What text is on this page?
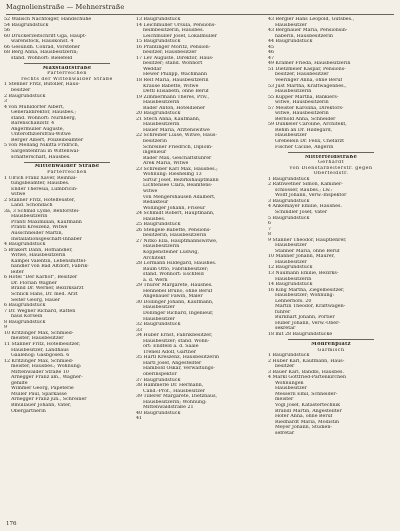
Magnolienstraße — Mehnerstraße
52 Walisch Nachfolger, Handschuhe
54 Baugrundstück
56
60 Druckerzeitschrift Gga, Haupt-
warenstock, Hauskonst. 4
66 Gesundh. Conrad, Vorsteher
68 Berg Anna, Hausbesitzerin;
ständ. Wohnort: Bielefeld
Maxstadtstraße
Parterreichen
rechts der Wittenwalder Straße
1 Stenner Fritz, Butoller, Haus-
besitzer
2 Baugrundstück
3
4 von Mühldorfer Albert,
Generaldirektor, Hausbes.;
ständ. Wohnort: Nürnberg,
Bärenschanzstr. 4
Angermüller Auguste,
Unteroffiziersfrau-Witwe
Berger Albert, Polizeibeamter
5 von Mellang Nikitta Fridrich,
Sargentenfrau in Wittenwal-
schafterschaft, Hausbes.
Mittenwalder Straße
Parterreichen
1 Ulrich Franz Xaver, Reinhal-
tungsbeamter, Hausbes.
Ender Theresia, Lumbricin-
witwe
2 Stanner Fritz, Hotelfeuster,
Land. Schöndach
3a, 3 Schmid Lydie, Benforstei-
Hausbesitzerin
Prantl Maximilian, Kaufmann
Prantl Kreszenz, Witwe
Ausschneider Martin,
Installationsgeschäft-Inhaber
4 Baugrundstück
5 Bräkert Dann, Hofhändler,
Witwe, Hausbesitzerin
Kampel Valentin, Lebensmittel-
händler von Bad Altdorf, Fabrik-
leiter
6 Hotel "Der Karhof", Besitzer
Dr. Florian Wagner
Brand Dr. Werner, Bezirksarzt
Schlick Hans, Dr. med. Arzt
Seiter Georg, Hauer
6 Baugrundstück
7 Dr. Wegner Richard, Ratten
haus Korsein
8 Baugrundstück
9
10 Kritzinger Max, Schmied-
meister, Hausbesitzer
11 Stanner Fritz, Hotelbesitzer,
Hausbesitzer, Landhaus
Gaalenog: Gasbgosen. 6
12 Kritzinger Max, Schmied-
meister, Hausbes.; Wohnung:
Mittenwalder Straße 10
Arnegger Franz am., Wagner-
gehilfe
Wimmer Georg, Papeterie
Müller Paul, Sparkasse
Arnegger Franz jun., Schreiner
Bmüllauer Johann, Vater,
Obergärtnerin
13 Baugrundstück
14 Leichmüller Ursula, Pensions-
heimbesitzerin, Hausbes.
Leichmüller Josef, Lokalmüller
15 Baugrundstück
16 Prantinger Moritz, Pension-
besitzer, Hausbesitzer
17 Lev Auguste, Direktor, Haus-
besitzer; ständ. Wohnort
Weddar
Hewer Philipp, Wachmann
18 Reit Maria, Hausbesitzerin
Krause Babette, Witwe
Dettl Elisabeth, ohne Beruf
19 Zimmermann Theres, Priv.,
Hausbesitzerin
Bader Anton, Hoteldiener
20 Baugrundstück
21 Stech Anna, Kaufmann,
Hausbesitzerin
Hauer Maria, Arztenswitwe
22 Schreiner Luise, Witwe, Haus-
besitzerin
Schreiner Friedrich, Diplom-
ingenieur
Bader Max, Geschäftsführer
Arek Maria, Witwe
23 Schreiber Karl Max, Hausbes.;
Wohnung: Riesheimg 13
Sirtur Josef, Bezirkshauptmann
Lichtensee Clara, Beamtens-
witwe
von Mengershausen Adalbert,
Redakteur
Wollinger Johann, Friseur
24 Schmidt Robert, Hauptmann,
Hausbes.
25 Baugrundstück
26 Stengele Babette, Pensions-
besitzerin, Hausbesitzerin
27 Nitko Ella, Hauptmannswitwe,
Hausbesitzerin
Koppensteiner Ludwig,
Architekt
28 Lörmann Hildegard, Haushes.
Baum Otto, Fabrikbesitzer;
ständ. Wohnort: Eschfeld
a. d. Wern
29 Thurer Margarete, Haushes.
Hennebel Bruno, ohne Beruf
Angebauer Fawin, Maler
30 Dollinger Johann, Kaufmann,
Hausbesitzer
Dollinger Richard, Ingenieur,
Hausbesitzer
32 Baugrundstück
33
34 Huber Ernst, Fabrikbesitzer,
Hausbesitzer; ständ. Wohn-
ort: Endfeld a. d. Saale
Trenell Adolf, Gärtner
35 Hartl Kreszenz, Hausbesitzerin
Hartl Josef, Angestellter
Hambold Oskar, Verwaltungs-
oberinspektor
37 Baugrundstück
38 Hammerle Dr. Hermann,
Cand.-Prof., Hausbesitzer
39 Tillerer Margarete, Dietzhaus,
Hausbesitzerin; Wohnung:
Mittenwaldstraße 21
40 Baugrundstück
41
43 Bergler Hans Leopold, Gutsbes.,
Hausbesitzer
43 Berghauer Maria, Pensionsin-
haberin, Hausbesitzerin
44 Baugrundstück
45
46
47
49 Kramer Frieda, Hausbesitzerin
51 Dietzmeier Kaspar, Pensions-
besitzer, Hausbesitzer
Veeringer Anna, ohne Beruf
53 Just Martha, Kraftwagenbes.,
Hausbesitzerin
55 Kupper Martha, Bankiers-
witwe, Hausbesitzerin
57 Meister Karolina, Direktors-
witwe, Hausbesitzerin
Bernold Anna, Schneider
59 Dunkeler Caroline, Architekt,
Rehm an Dr. Hildegard,
Hausbesitzer
Grebelein Dr. Felix, Chefarzt
Fischer Cäcilie, Angerin
Mitterfeldstraße
Gerhardt
von Dienstarbeiterstr. gegen
Oberfeldstr.
1 Baugrundstück
2 Rathwetner Simon, Kaminer-
schlosser, Raubes.; Lw.:
Wolff Johann, Verw.-Inspektor
3 Baugrundstück
4 Ankemayer Emilie, Haushes.
Schindler Josef, Vater
5 Baugrundstück
6
7
8
9 Stanner Theodor, Hauptlehrer,
Hausbesitzer
Stanner Maria, ohne Beruf
10 Manner Johann, Maurer,
Hausbesitzer
12 Baugrundstück
13 Naumann Emilie, Bezirks-
Hausbesitzerin
14 Baugrundstück
16 King Martha, Ziegelbesitzer,
Hausbesitzer; Wohnung:
Lehnerhofs. 20
Martin Theodor, Kraftwagen-
führer
Burkhart Johann, Portier
Huber Johann, Verw.-Ober-
sekretär
18 mit 28 Baugrundstücke
Mohrenplatz
Garmisch
1 Baugrundstück
2 Huber Karl, Kaufmann, Haus-
besitzer
3 Bauer Karl, Bandbi, Hausbes.
4 Markl Gottfried-Partenkirchen
Wohnungen
Hausbesitzer
Messerli Emil, Schneider-
meister
Vogl Josef, Katastertechnik
Brandl Martin, Angestellter
Hofer Anna, ohne Beruf
Riedhardt Maria, Modistin
Meyer Johann, Studien-
sefretär
176
